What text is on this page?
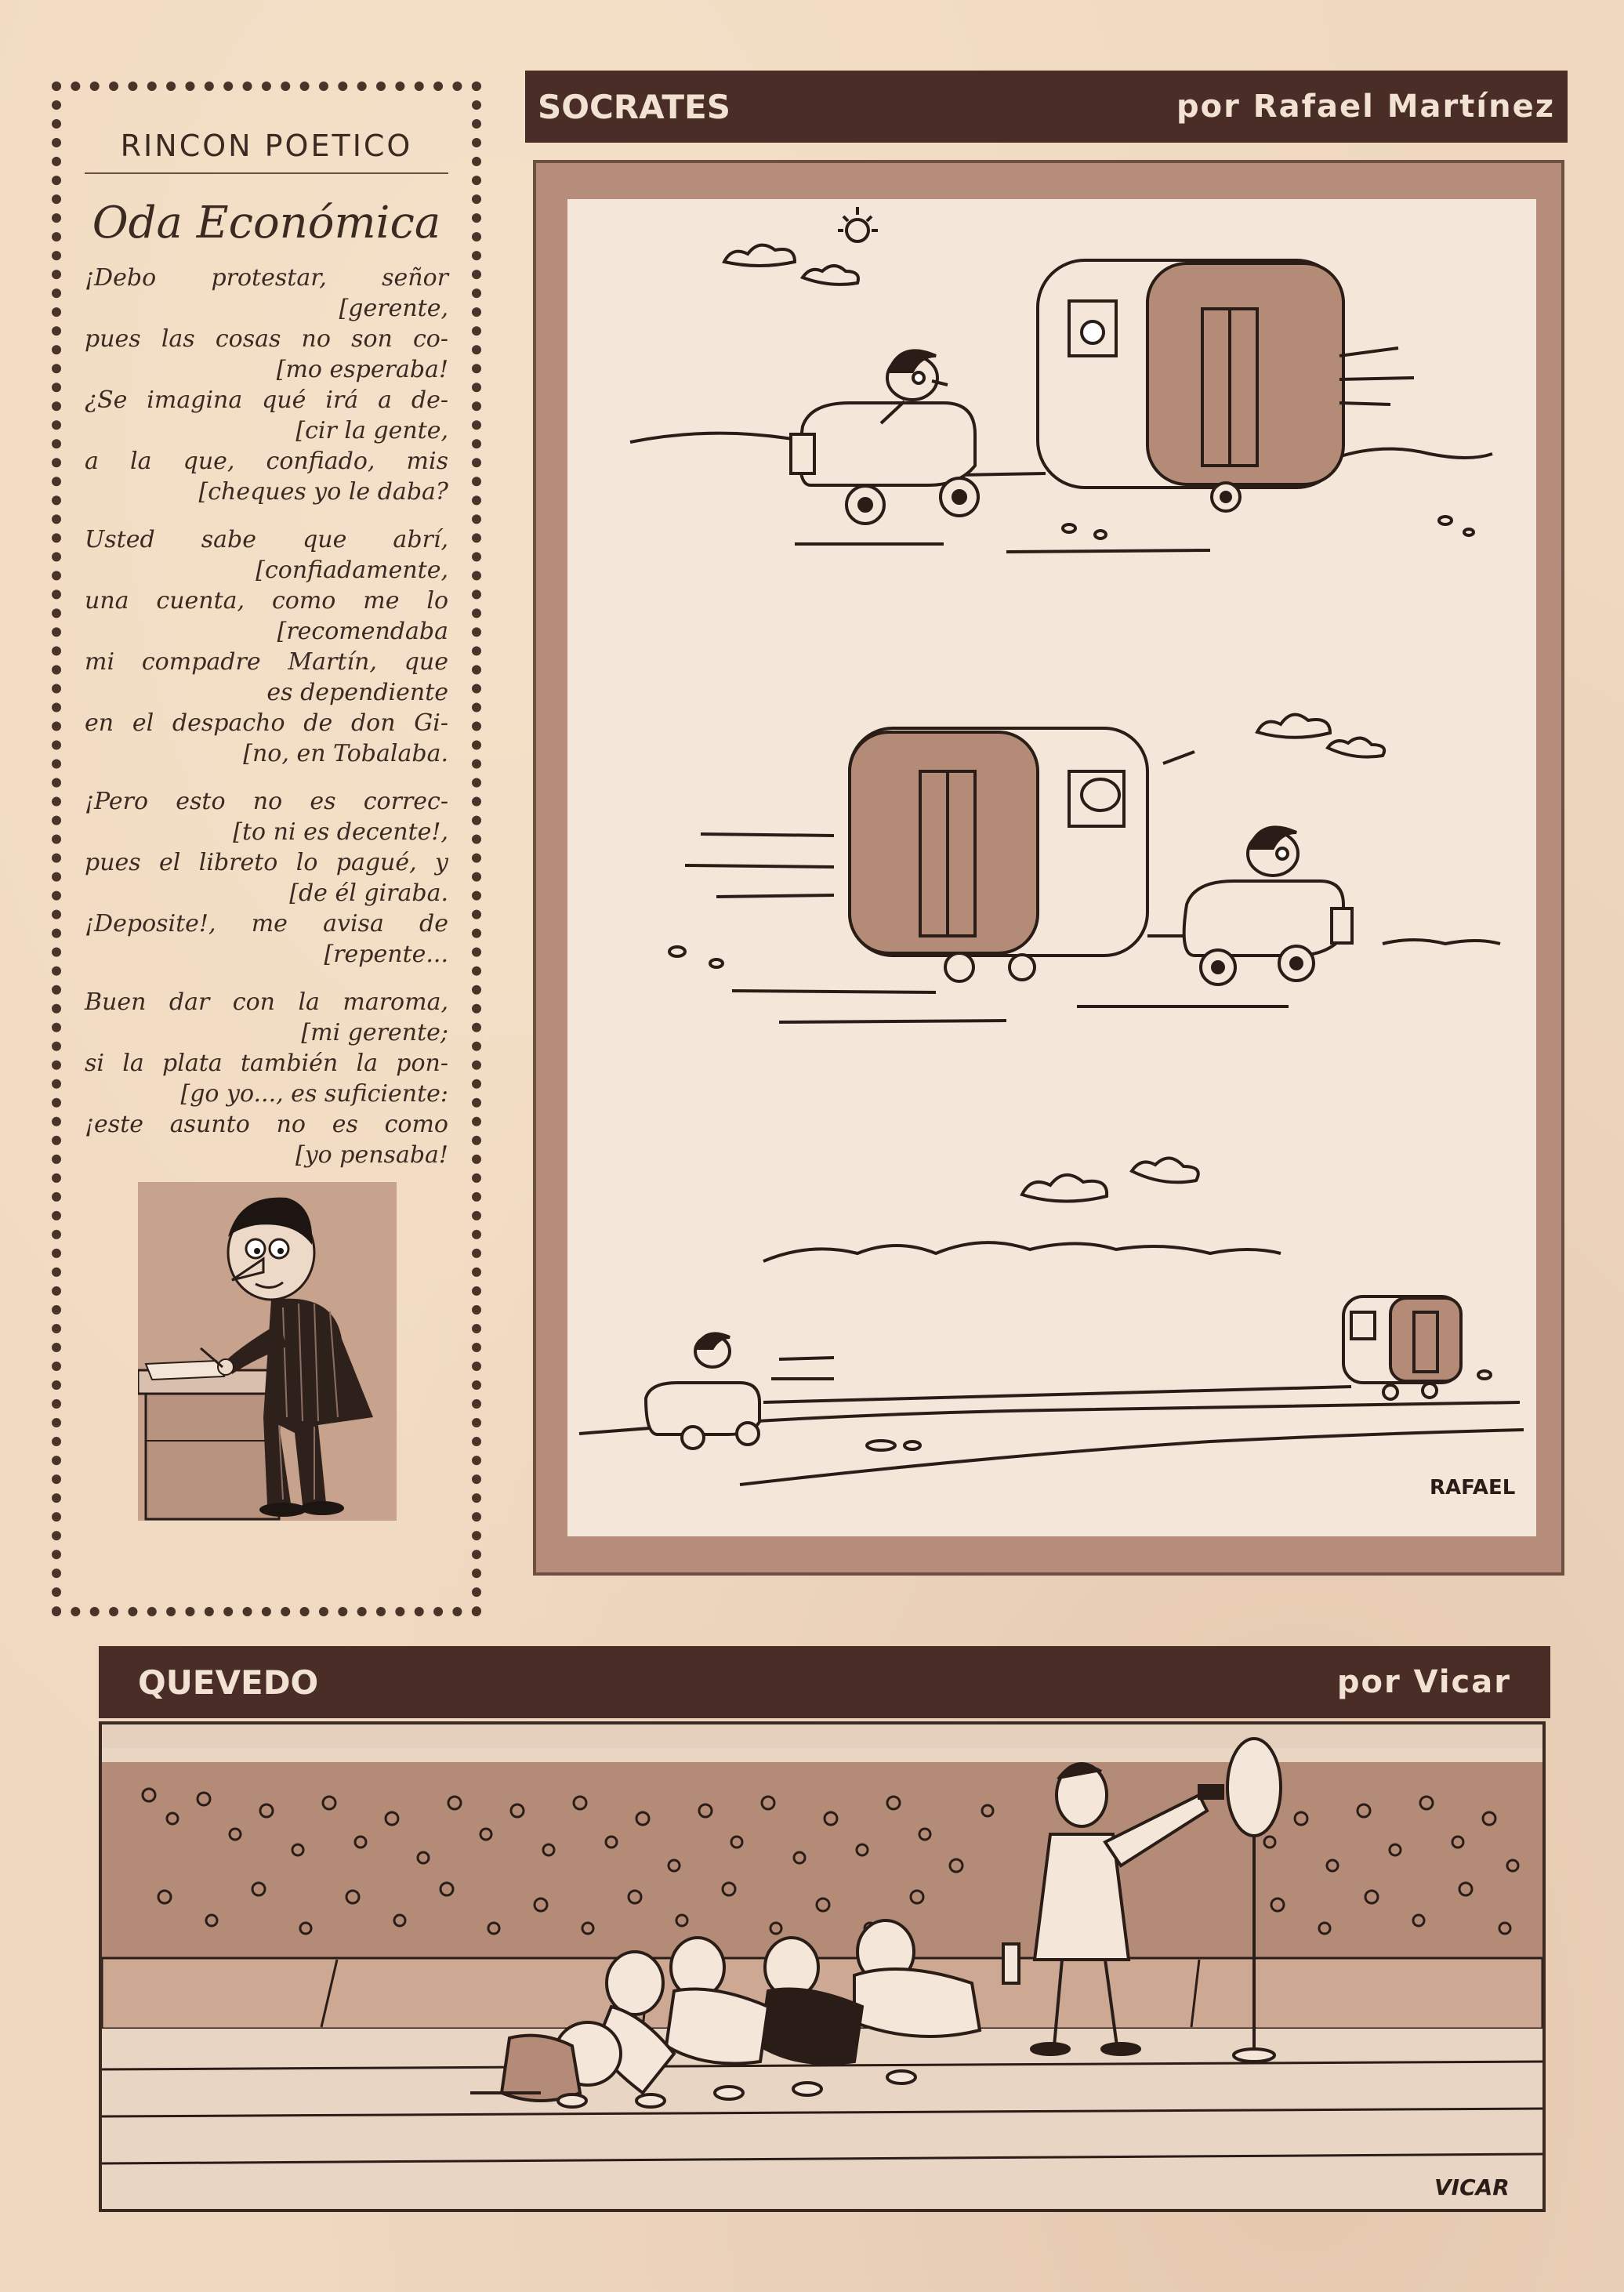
RINCON POETICO
Oda Económica
¡Debo protestar, señor
[gerente,
pues las cosas no son co-
[mo esperaba!
¿Se imagina qué irá a de-
[cir la gente,
a la que, confiado, mis
[cheques yo le daba?
Usted sabe que abrí,
[confiadamente,
una cuenta, como me lo
[recomendaba
mi compadre Martín, que
es dependiente
en el despacho de don Gi-
[no, en Tobalaba.
¡Pero esto no es correc-
[to ni es decente!,
pues el libreto lo pagué, y
[de él giraba.
¡Deposite!, me avisa de
[repente...
Buen dar con la maroma,
[mi gerente;
si la plata también la pon-
[go yo..., es suficiente:
¡este asunto no es como
[yo pensaba!
SOCRATES	por Rafael Martínez
RAFAEL
QUEVEDO	por Vicar
VICAR
